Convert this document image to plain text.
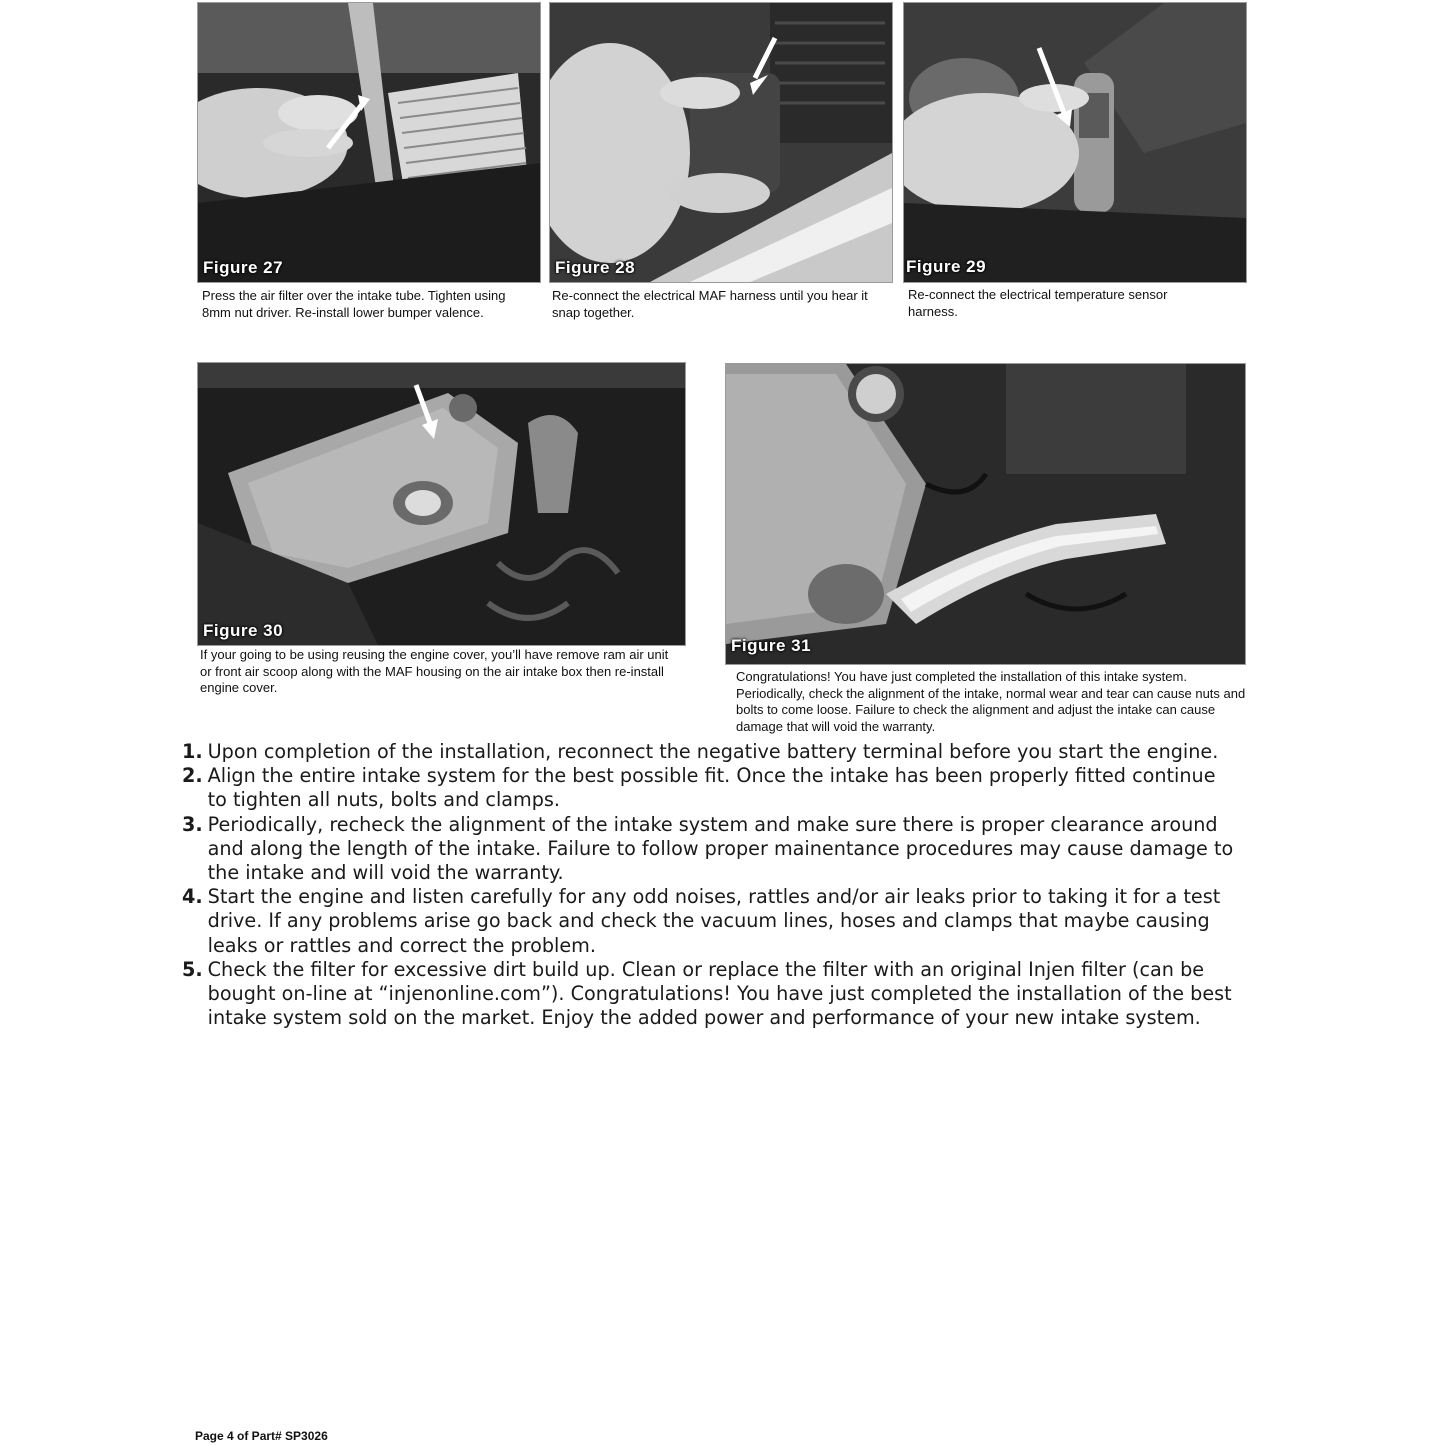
Figure 27
Press the air filter over the intake tube. Tighten using 8mm nut driver. Re-install lower bumper valence.
Figure 28
Re-connect the electrical MAF harness until you hear it snap together.
Figure 29
Re-connect the electrical temperature sensor harness.
Figure 30
If your going to be using reusing the engine cover, you’ll have remove ram air unit or front air scoop along with the MAF housing on the air intake box then re-install engine cover.
Figure 31
Congratulations! You have just completed the installation of this intake system. Periodically, check the alignment of the intake, normal wear and tear can cause nuts and bolts to come loose. Failure to check the alignment and adjust the intake can cause damage that will void the warranty.
1. Upon completion of the installation, reconnect the negative battery terminal before you start the engine.
2. Align the entire intake system for the best possible fit. Once the intake has been properly fitted continue to tighten all nuts, bolts and clamps.
3. Periodically, recheck the alignment of the intake system and make sure there is proper clearance around and along the length of the intake. Failure to follow proper mainentance procedures may cause damage to the intake and will void the warranty.
4. Start the engine and listen carefully for any odd noises, rattles and/or air leaks prior to taking it for a test drive. If any problems arise go back and check the vacuum lines, hoses and clamps that maybe causing leaks or rattles and correct the problem.
5. Check the filter for excessive dirt build up. Clean or replace the filter with an original Injen filter (can be bought on-line at “injenonline.com”). Congratulations! You have just completed the installation of the best intake system sold on the market. Enjoy the added power and performance of your new intake system.
Page 4 of Part# SP3026
